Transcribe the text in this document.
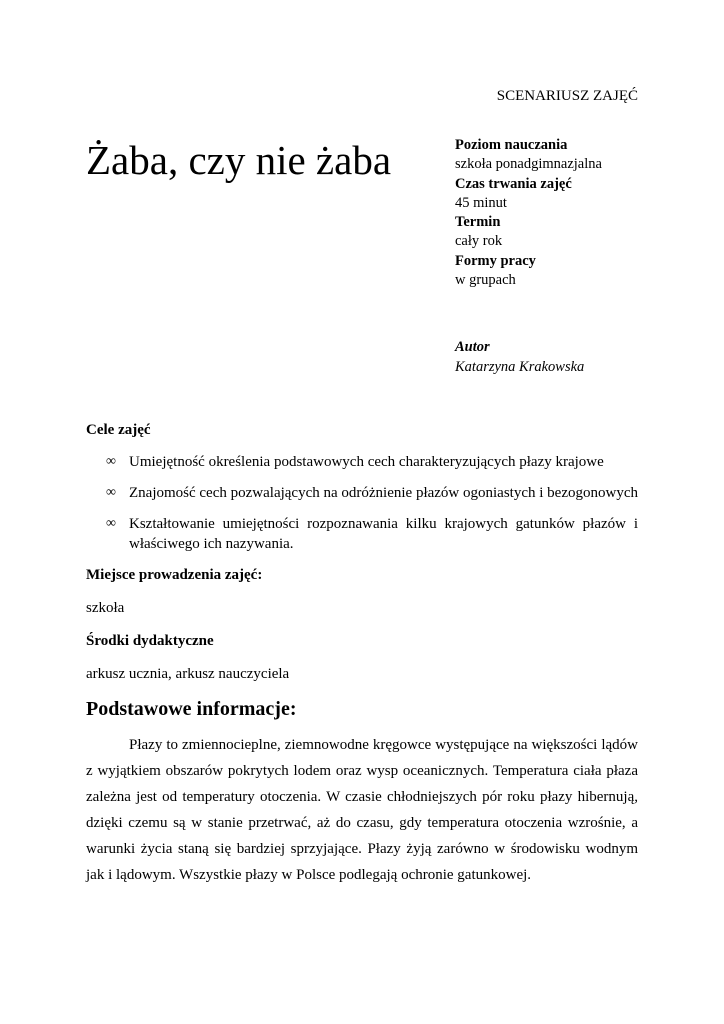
SCENARIUSZ ZAJĘĆ
Żaba, czy nie żaba	Poziom nauczania
szkoła ponadgimnazjalna
Czas trwania zajęć
45 minut
Termin
cały rok
Formy pracy
w grupach
Autor
Katarzyna Krakowska

Cele zajęć

∞ Umiejętność określenia podstawowych cech charakteryzujących płazy krajowe
∞ Znajomość cech pozwalających na odróżnienie płazów ogoniastych i bezogonowych
∞ Kształtowanie umiejętności rozpoznawania kilku krajowych gatunków płazów i właściwego ich nazywania.

Miejsce prowadzenia zajęć:

szkoła

Środki dydaktyczne

arkusz ucznia, arkusz nauczyciela

Podstawowe informacje:

Płazy to zmiennocieplne, ziemnowodne kręgowce występujące na większości lądów z wyjątkiem obszarów pokrytych lodem oraz wysp oceanicznych. Temperatura ciała płaza zależna jest od temperatury otoczenia. W czasie chłodniejszych pór roku płazy hibernują, dzięki czemu są w stanie przetrwać, aż do czasu, gdy temperatura otoczenia wzrośnie, a warunki życia staną się bardziej sprzyjające. Płazy żyją zarówno w środowisku wodnym jak i lądowym. Wszystkie płazy w Polsce podlegają ochronie gatunkowej.
